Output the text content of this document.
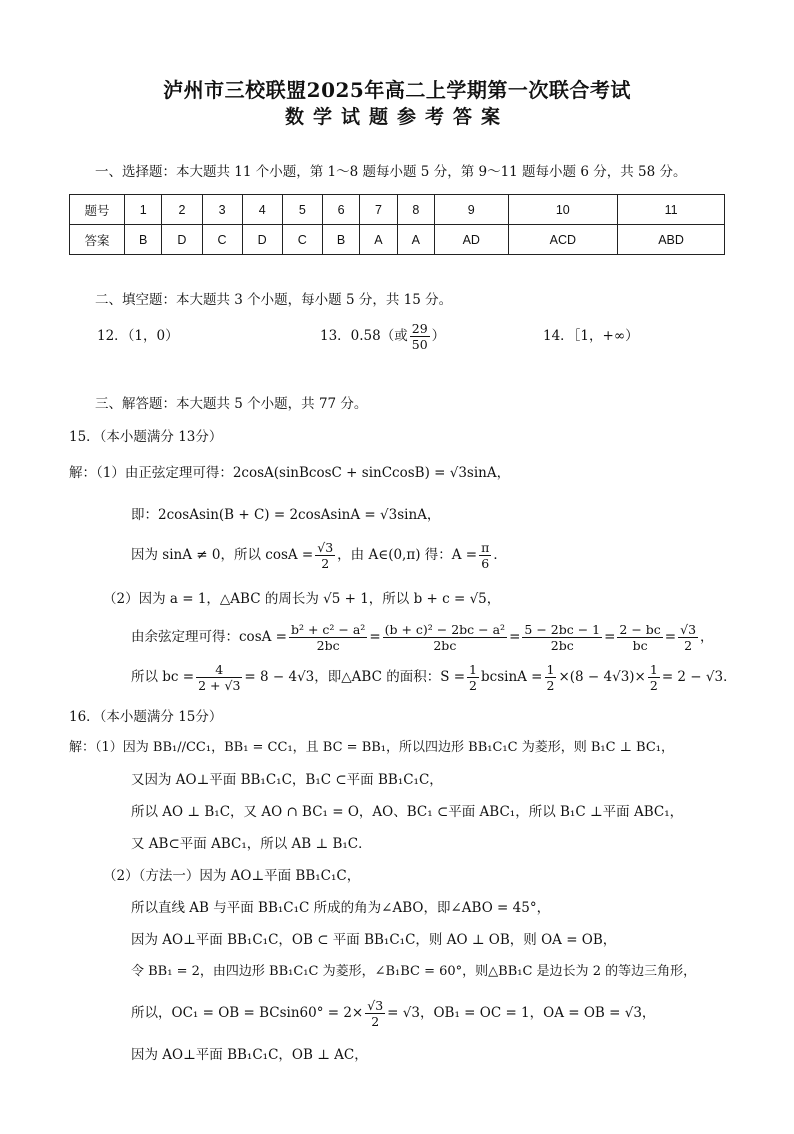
泸州市三校联盟2025年高二上学期第一次联合考试
数学试题参考答案
一、选择题：本大题共 11 个小题，第 1～8 题每小题 5 分，第 9～11 题每小题 6 分，共 58 分。
题号	1	2	3	4	5	6	7	8	9	10	11
答案	B	D	C	D	C	B	A	A	AD	ACD	ABD
二、填空题：本大题共 3 个小题，每小题 5 分，共 15 分。
12．（1，0）	13．0.58（或 $\frac{29}{50}$ ）	14．［1，+∞）
三、解答题：本大题共 5 个小题，共 77 分。
15．（本小题满分 13分）
解：（1）由正弦定理可得：2cosA(sinBcosC + sinCcosB) = √3sinA，
即：2cosAsin(B + C) = 2cosAsinA = √3sinA，
因为 sinA ≠ 0，所以 $\cos A = \frac{√3}{2}$ ，由 A∈(0,π) 得：$A = \frac{\pi}{6}$ ．
（2）因为 a = 1，△ABC 的周长为 √5 + 1，所以 b + c = √5，
由余弦定理可得：$\cos A = \frac{\text{b² + c² − a²}}{2bc} = \frac{\text{(b + c)² − 2bc − a²}}{2bc} = \frac{5 - 2bc - 1}{2bc} = \frac{2 - bc}{bc} = \frac{√3}{2}$ ，
所以 bc = $\frac{4}{2 + √3} = 8 - 4√3$，即△ABC 的面积：$S = \frac{1}{2}$ $bcsinA = \frac{1}{2} \times(8 - 4√3)\times \frac{1}{2} = 2 - √3$．
16．（本小题满分 15分）
解：（1）因为 BB₁//CC₁，BB₁ = CC₁，且 BC = BB₁，所以四边形 BB₁C₁C 为菱形，则 B₁C ⊥ BC₁，
又因为 AO⊥平面 BB₁C₁C，B₁C ⊂平面 BB₁C₁C，
所以 AO ⊥ B₁C，又 AO ∩ BC₁ = O，AO、BC₁ ⊂平面 ABC₁，所以 B₁C ⊥平面 ABC₁，
又 AB⊂平面 ABC₁，所以 AB ⊥ B₁C．
（2）（方法一）因为 AO⊥平面 BB₁C₁C，
所以直线 AB 与平面 BB₁C₁C 所成的角为∠ABO，即∠ABO = 45°，
因为 AO⊥平面 BB₁C₁C，OB ⊂ 平面 BB₁C₁C，则 AO ⊥ OB，则 OA = OB，
令 BB₁ = 2，由四边形 BB₁C₁C 为菱形，∠B₁BC = 60°，则△BB₁C 是边长为 2 的等边三角形，
所以，OC₁ = OB = $BCsin60^\circ = 2\times \frac{√3}{2} = √3$，OB₁ = OC = 1，OA = OB = √3，
因为 AO⊥平面 BB₁C₁C，OB ⊥ AC，
